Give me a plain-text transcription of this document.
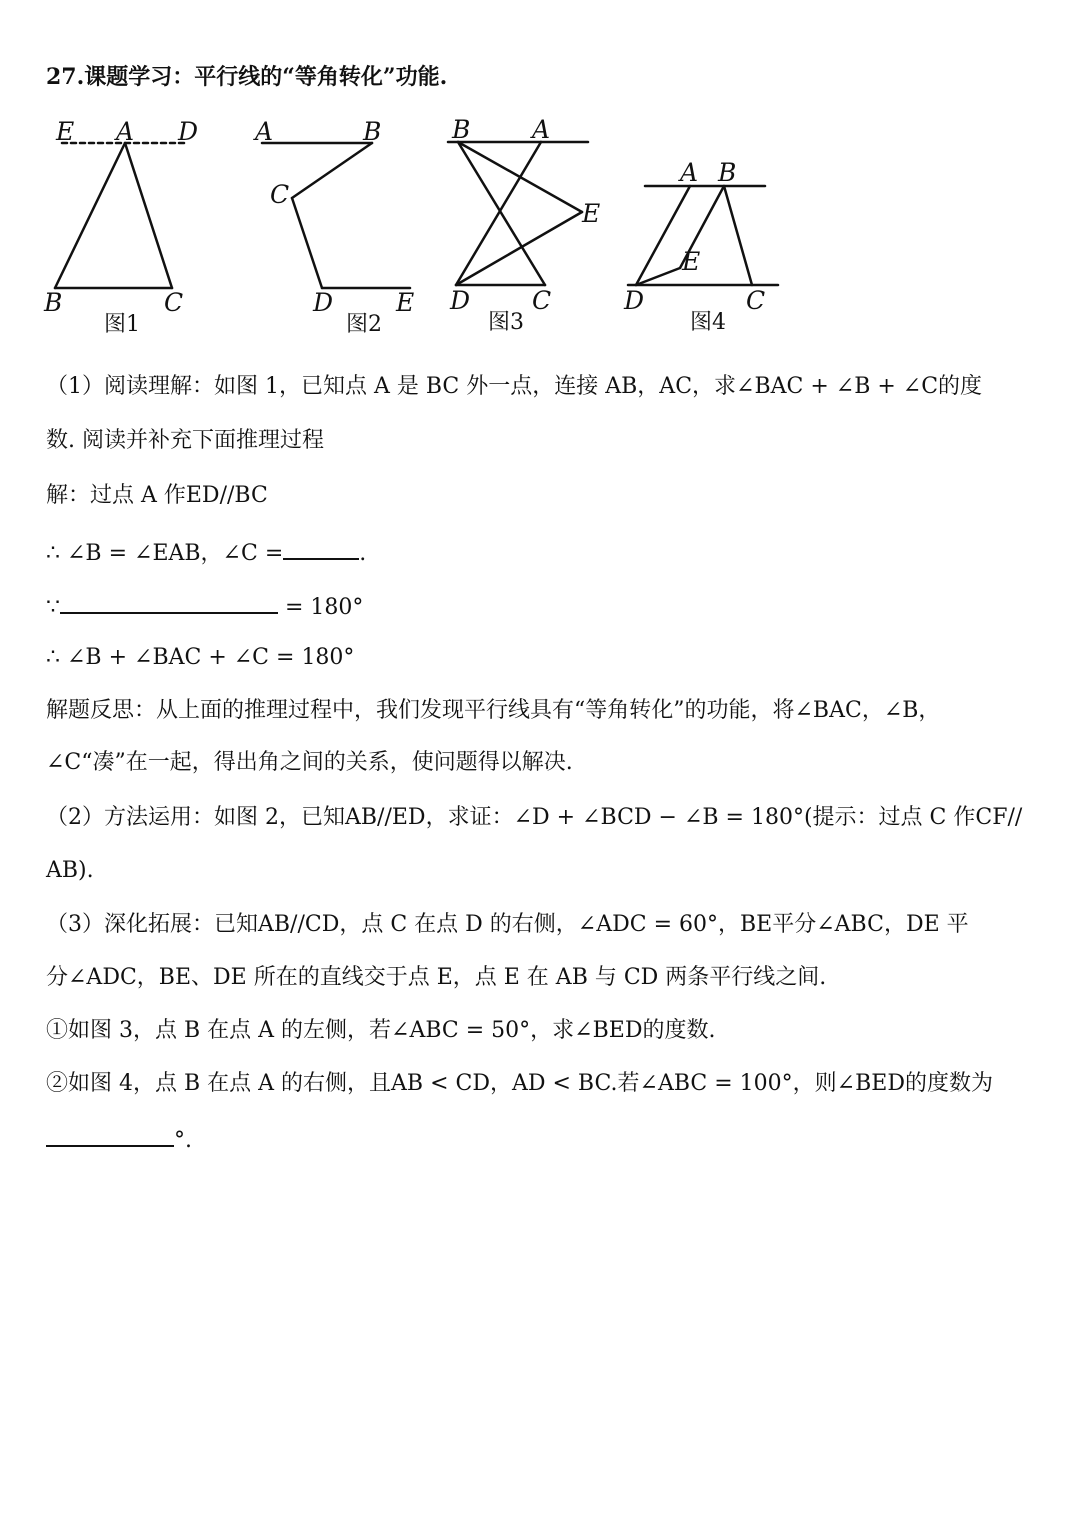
27.课题学习：平行线的“等角转化”功能.
E A D
B	C
图1
A	B
C
D	E
图2
B A
E
D C
图3
A B
E
D	C
图4
（1）阅读理解：如图 1，已知点 A 是 BC 外一点，连接 AB，AC，求∠BAC + ∠B + ∠C的度
数. 阅读并补充下面推理过程
解：过点 A 作ED//BC
∴ ∠B = ∠EAB，∠C =	.
∵	= 180°
∴ ∠B + ∠BAC + ∠C = 180°
解题反思：从上面的推理过程中，我们发现平行线具有“等角转化”的功能，将∠BAC，∠B，
∠C“凑”在一起，得出角之间的关系，使问题得以解决.
（2）方法运用：如图 2，已知AB//ED，求证：∠D + ∠BCD − ∠B = 180°(提示：过点 C 作CF//
AB).
（3）深化拓展：已知AB//CD，点 C 在点 D 的右侧，∠ADC = 60°，BE平分∠ABC，DE 平
分∠ADC，BE、DE 所在的直线交于点 E，点 E 在 AB 与 CD 两条平行线之间.
①如图 3，点 B 在点 A 的左侧，若∠ABC = 50°，求∠BED的度数.
②如图 4，点 B 在点 A 的右侧，且AB < CD，AD < BC.若∠ABC = 100°，则∠BED的度数为
°.
